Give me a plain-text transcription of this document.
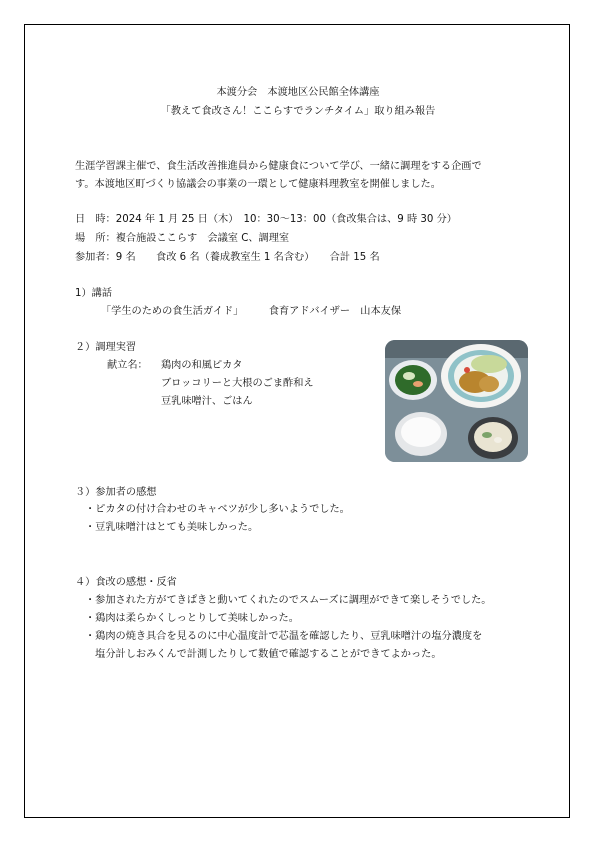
本渡分会　本渡地区公民館全体講座
「教えて食改さん！ここらすでランチタイム」取り組み報告
生涯学習課主催で、食生活改善推進員から健康食について学び、一緒に調理をする企画で
す。本渡地区町づくり協議会の事業の一環として健康料理教室を開催しました。
日　時：2024 年 1 月 25 日（木）　10：30～13：00（食改集合は、9 時 30 分）
場　所：複合施設ここらす　会議室 C、調理室
参加者：9 名　　食改 6 名（養成教室生 1 名含む）　　合計 15 名
1）講話
「学生のための食生活ガイド」　　　食育アドバイザー　山本友保
２）調理実習
献立名： 鶏肉の和風ピカタ
ブロッコリーと大根のごま酢和え
豆乳味噌汁、ごはん
３）参加者の感想
・ピカタの付け合わせのキャベツが少し多いようでした。
・豆乳味噌汁はとても美味しかった。
４）食改の感想・反省
・参加された方がてきぱきと動いてくれたのでスムーズに調理ができて楽しそうでした。
・鶏肉は柔らかくしっとりして美味しかった。
・鶏肉の焼き具合を見るのに中心温度計で芯温を確認したり、豆乳味噌汁の塩分濃度を
　塩分計しおみくんで計測したりして数値で確認することができてよかった。
